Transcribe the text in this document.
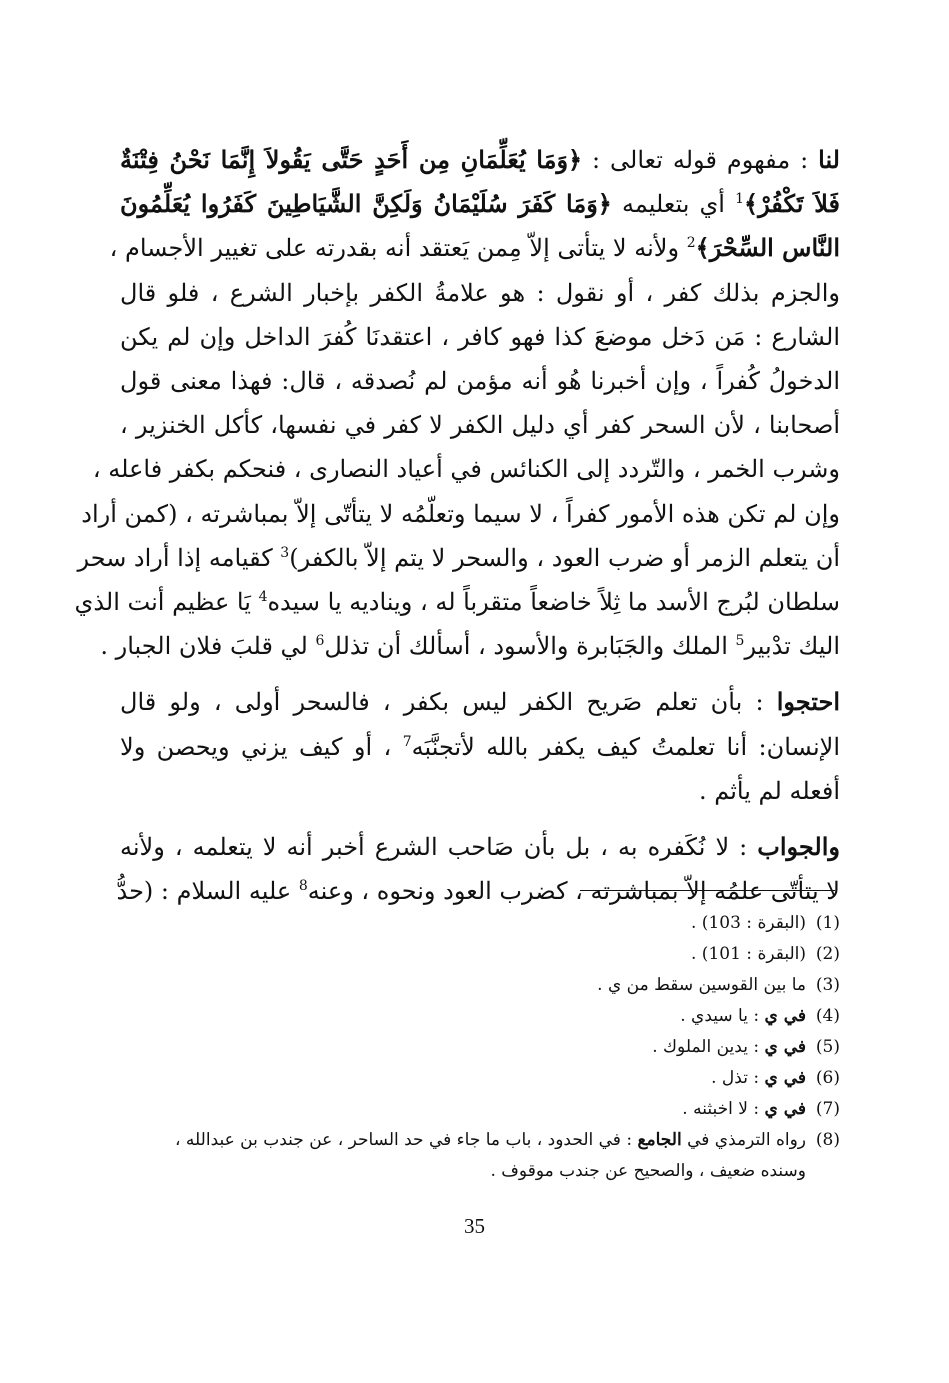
لنا : مفهوم قوله تعالى : ﴿وَمَا يُعَلِّمَانِ مِن أَحَدٍ حَتَّى يَقُولاَ إِنَّمَا نَحْنُ فِتْنَةٌ
فَلاَ تَكْفُرْ﴾$^1$ أي بتعليمه ﴿وَمَا كَفَرَ سُلَيْمَانُ وَلَكِنَّ الشَّيَاطِينَ كَفَرُوا يُعَلِّمُونَ
النَّاس السِّحْرَ﴾$^2$ ولأنه لا يتأتى إلاّ مِمن يَعتقد أنه بقدرته على تغيير الأجسام ،
والجزم بذلك كفر ، أو نقول : هو علامةُ الكفر بإخبار الشرع ، فلو قال
الشارع : مَن دَخل موضعَ كذا فهو كافر ، اعتقدنَا كُفرَ الداخل وإن لم يكن
الدخولُ كُفراً ، وإن أخبرنا هُو أنه مؤمن لم نُصدقه ، قال: فهذا معنى قول
أصحابنا ، لأن السحر كفر أي دليل الكفر لا كفر في نفسها، كأكل الخنزير ،
وشرب الخمر ، والتّردد إلى الكنائس في أعياد النصارى ، فنحكم بكفر فاعله ،
وإن لم تكن هذه الأمور كفراً ، لا سيما وتعلّمُه لا يتأتّى إلاّ بمباشرته ، (كمن أراد
أن يتعلم الزمر أو ضرب العود ، والسحر لا يتم إلاّ بالكفر)$^3$ كقيامه إذا أراد سحر
سلطان لبُرج الأسد ما ثِلاً خاضعاً متقرباً له ، ويناديه يا سيده$^4$ يَا عظيم أنت الذي
اليك تدْبير$^5$ الملك والجَبَابرة والأسود ، أسألك أن تذلل$^6$ لي قلبَ فلان الجبار .
احتجوا : بأن تعلم صَريح الكفر ليس بكفر ، فالسحر أولى ، ولو قال
الإنسان: أنا تعلمتُ كيف يكفر بالله لأتجنَّبَه$^7$ ، أو كيف يزني ويحصن ولا
أفعله لم يأثم .
والجواب : لا نُكَفره به ، بل بأن صَاحب الشرع أخبر أنه لا يتعلمه ، ولأنه
لا يتأتّى علمُه إلاّ بمباشرته ، كضرب العود ونحوه ، وعنه$^8$ عليه السلام : (حدُّ
(1)
(البقرة : 103) .
(2)
(البقرة : 101) .
(3)
ما بين القوسين سقط من ي .
(4)
في ي : يا سيدي .
(5)
في ي : يدين الملوك .
(6)
في ي : تذل .
(7)
في ي : لا اخبثنه .
(8)
رواه الترمذي في الجامع : في الحدود ، باب ما جاء في حد الساحر ، عن جندب بن عبدالله ،
وسنده ضعيف ، والصحيح عن جندب موقوف .
35
